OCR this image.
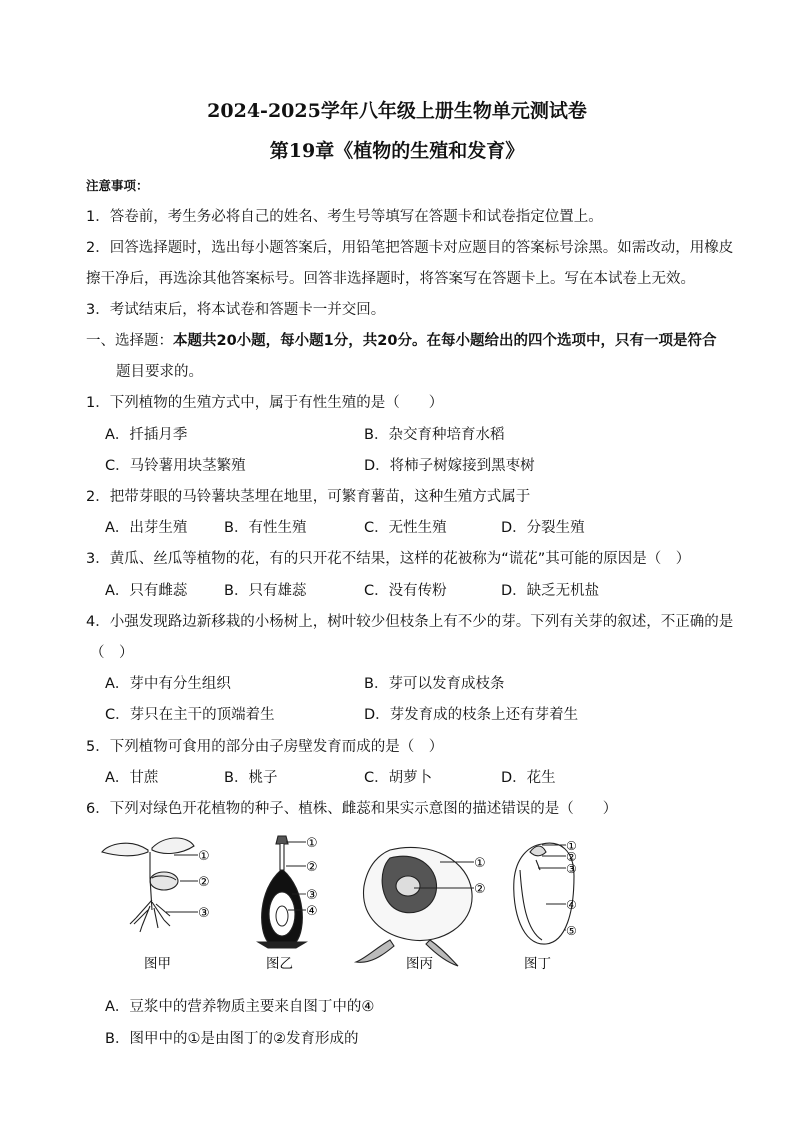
2024-2025学年八年级上册生物单元测试卷
第19章《植物的生殖和发育》
注意事项：
1．答卷前，考生务必将自己的姓名、考生号等填写在答题卡和试卷指定位置上。
2．回答选择题时，选出每小题答案后，用铅笔把答题卡对应题目的答案标号涂黑。如需改动，用橡皮
擦干净后，再选涂其他答案标号。回答非选择题时，将答案写在答题卡上。写在本试卷上无效。
3．考试结束后，将本试卷和答题卡一并交回。
一、选择题：本题共20小题，每小题1分，共20分。在每小题给出的四个选项中，只有一项是符合
题目要求的。
1．下列植物的生殖方式中，属于有性生殖的是（　　）
A．扦插月季	B．杂交育种培育水稻
C．马铃薯用块茎繁殖	D．将柿子树嫁接到黑枣树
2．把带芽眼的马铃薯块茎埋在地里，可繁育薯苗，这种生殖方式属于
A．出芽生殖	B．有性生殖	C．无性生殖	D．分裂生殖
3．黄瓜、丝瓜等植物的花，有的只开花不结果，这样的花被称为“谎花”其可能的原因是（　）
A．只有雌蕊	B．只有雄蕊	C．没有传粉	D．缺乏无机盐
4．小强发现路边新移栽的小杨树上，树叶较少但枝条上有不少的芽。下列有关芽的叙述，不正确的是
（　）
A．芽中有分生组织	B．芽可以发育成枝条
C．芽只在主干的顶端着生	D．芽发育成的枝条上还有芽着生
5．下列植物可食用的部分由子房壁发育而成的是（　）
A．甘蔗	B．桃子	C．胡萝卜	D．花生
6．下列对绿色开花植物的种子、植株、雌蕊和果实示意图的描述错误的是（　　）
①
②
③
图甲
①
②
③
④
图乙
①
②
图丙
①
②
③
④
⑤
图丁
A．豆浆中的营养物质主要来自图丁中的④
B．图甲中的①是由图丁的②发育形成的
